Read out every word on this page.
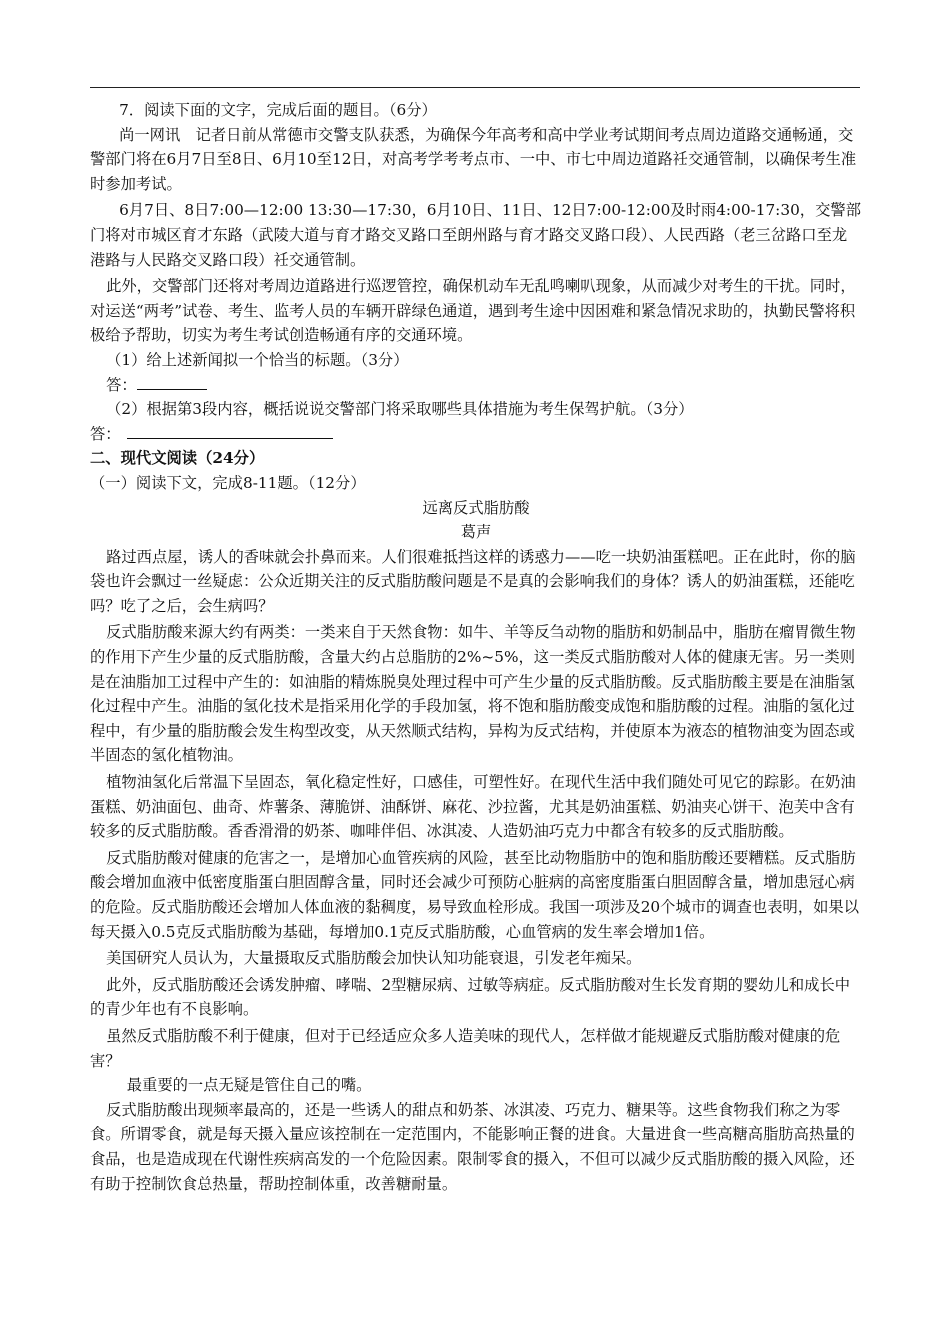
7．阅读下面的文字，完成后面的题目。（6分）

尚一网讯　记者日前从常德市交警支队获悉，为确保今年高考和高中学业考试期间考点周边道路交通畅通，交警部门将在6月7日至8日、6月10至12日，对高考学考考点市、一中、市七中周边道路祍交通管制，以确保考生准时参加考试。

6月7日、8日7:00—12:00 13:30—17:30，6月10日、11日、12日7:00-12:00及时雨4:00-17:30，交警部门将对市城区育才东路（武陵大道与育才路交叉路口至朗州路与育才路交叉路口段）、人民西路（老三岔路口至龙港路与人民路交叉路口段）祍交通管制。

此外，交警部门还将对考周边道路进行巡逻管控，确保机动车无乱鸣喇叭现象，从而减少对考生的干扰。同时，对运送“两考”试卷、考生、监考人员的车辆开辟绿色通道，遇到考生途中因困难和紧急情况求助的，执勤民警将积极给予帮助，切实为考生考试创造畅通有序的交通环境。

（1）给上述新闻拟一个恰当的标题。（3分）

答：

（2）根据第3段内容，概括说说交警部门将采取哪些具体措施为考生保驾护航。（3分）

答：

二、现代文阅读（24分）

（一）阅读下文，完成8-11题。（12分）

远离反式脂肪酸

葛声

路过西点屋，诱人的香味就会扑鼻而来。人们很难抵挡这样的诱惑力——吃一块奶油蛋糕吧。正在此时，你的脑袋也许会飘过一丝疑虑：公众近期关注的反式脂肪酸问题是不是真的会影响我们的身体？诱人的奶油蛋糕，还能吃吗？吃了之后，会生病吗？

反式脂肪酸来源大约有两类：一类来自于天然食物：如牛、羊等反刍动物的脂肪和奶制品中，脂肪在瘤胃微生物的作用下产生少量的反式脂肪酸，含量大约占总脂肪的2%~5%，这一类反式脂肪酸对人体的健康无害。另一类则是在油脂加工过程中产生的：如油脂的精炼脱臭处理过程中可产生少量的反式脂肪酸。反式脂肪酸主要是在油脂氢化过程中产生。油脂的氢化技术是指采用化学的手段加氢，将不饱和脂肪酸变成饱和脂肪酸的过程。油脂的氢化过程中，有少量的脂肪酸会发生构型改变，从天然顺式结构，异构为反式结构，并使原本为液态的植物油变为固态或半固态的氢化植物油。

植物油氢化后常温下呈固态，氧化稳定性好，口感佳，可塑性好。在现代生活中我们随处可见它的踪影。在奶油蛋糕、奶油面包、曲奇、炸薯条、薄脆饼、油酥饼、麻花、沙拉酱，尤其是奶油蛋糕、奶油夹心饼干、泡芙中含有较多的反式脂肪酸。香香滑滑的奶茶、咖啡伴侣、冰淇凌、人造奶油巧克力中都含有较多的反式脂肪酸。

反式脂肪酸对健康的危害之一，是增加心血管疾病的风险，甚至比动物脂肪中的饱和脂肪酸还要糟糕。反式脂肪酸会增加血液中低密度脂蛋白胆固醇含量，同时还会减少可预防心脏病的高密度脂蛋白胆固醇含量，增加患冠心病的危险。反式脂肪酸还会增加人体血液的黏稠度，易导致血栓形成。我国一项涉及20个城市的调查也表明，如果以每天摄入0.5克反式脂肪酸为基础，每增加0.1克反式脂肪酸，心血管病的发生率会增加1倍。

美国研究人员认为，大量摄取反式脂肪酸会加快认知功能衰退，引发老年痴呆。

此外，反式脂肪酸还会诱发肿瘤、哮喘、2型糖尿病、过敏等病症。反式脂肪酸对生长发育期的婴幼儿和成长中的青少年也有不良影响。

虽然反式脂肪酸不利于健康，但对于已经适应众多人造美味的现代人，怎样做才能规避反式脂肪酸对健康的危害？

最重要的一点无疑是管住自己的嘴。

反式脂肪酸出现频率最高的，还是一些诱人的甜点和奶茶、冰淇凌、巧克力、糖果等。这些食物我们称之为零食。所谓零食，就是每天摄入量应该控制在一定范围内，不能影响正餐的进食。大量进食一些高糖高脂肪高热量的食品，也是造成现在代谢性疾病高发的一个危险因素。限制零食的摄入，不但可以减少反式脂肪酸的摄入风险，还有助于控制饮食总热量，帮助控制体重，改善糖耐量。
